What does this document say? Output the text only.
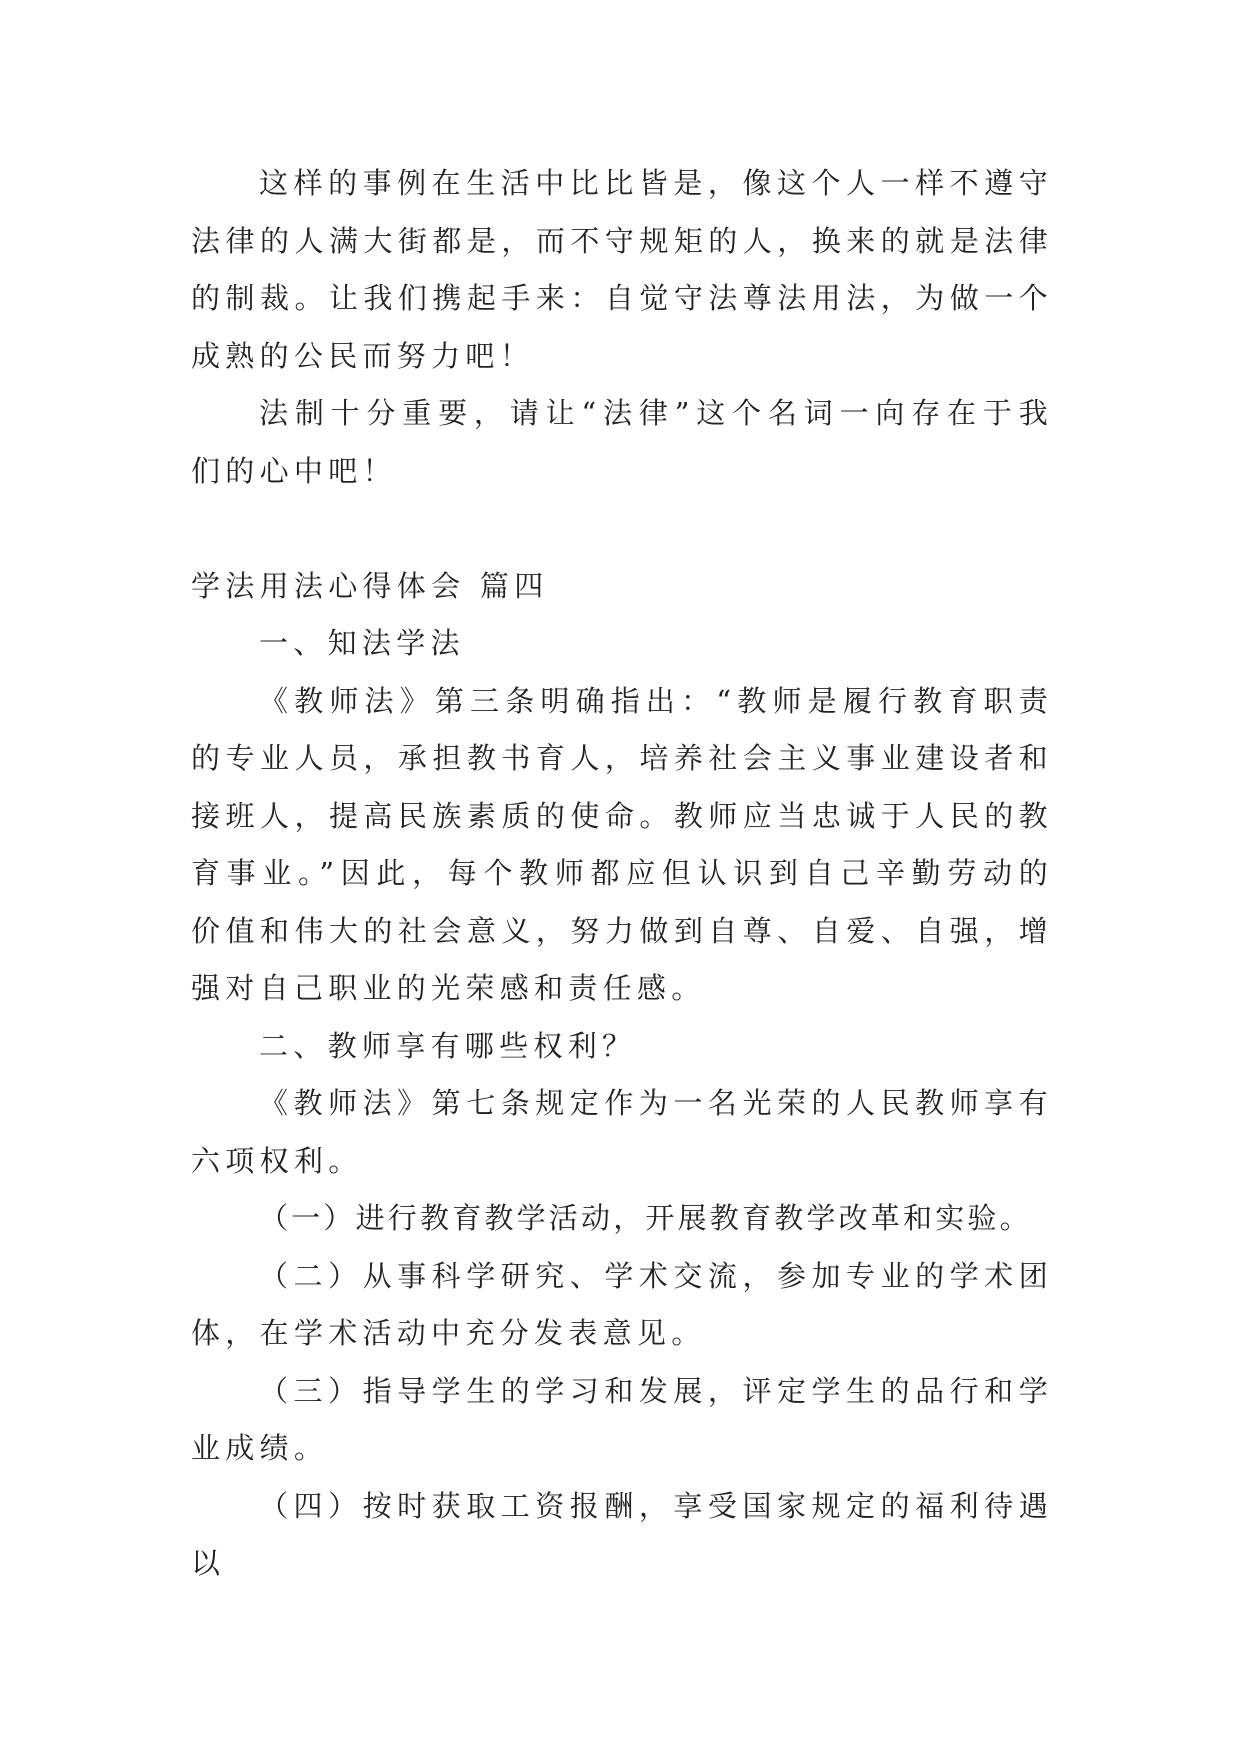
这样的事例在生活中比比皆是，像这个人一样不遵守法律的人满大街都是，而不守规矩的人，换来的就是法律的制裁。让我们携起手来：自觉守法尊法用法，为做一个成熟的公民而努力吧！

法制十分重要，请让“法律”这个名词一向存在于我们的心中吧！

学法用法心得体会 篇四

一、知法学法

《教师法》第三条明确指出：“教师是履行教育职责的专业人员，承担教书育人，培养社会主义事业建设者和接班人，提高民族素质的使命。教师应当忠诚于人民的教育事业。”因此，每个教师都应但认识到自己辛勤劳动的价值和伟大的社会意义，努力做到自尊、自爱、自强，增强对自己职业的光荣感和责任感。

二、教师享有哪些权利？

《教师法》第七条规定作为一名光荣的人民教师享有六项权利。

（一）进行教育教学活动，开展教育教学改革和实验。

（二）从事科学研究、学术交流，参加专业的学术团体，在学术活动中充分发表意见。

（三）指导学生的学习和发展，评定学生的品行和学业成绩。

（四）按时获取工资报酬，享受国家规定的福利待遇以
